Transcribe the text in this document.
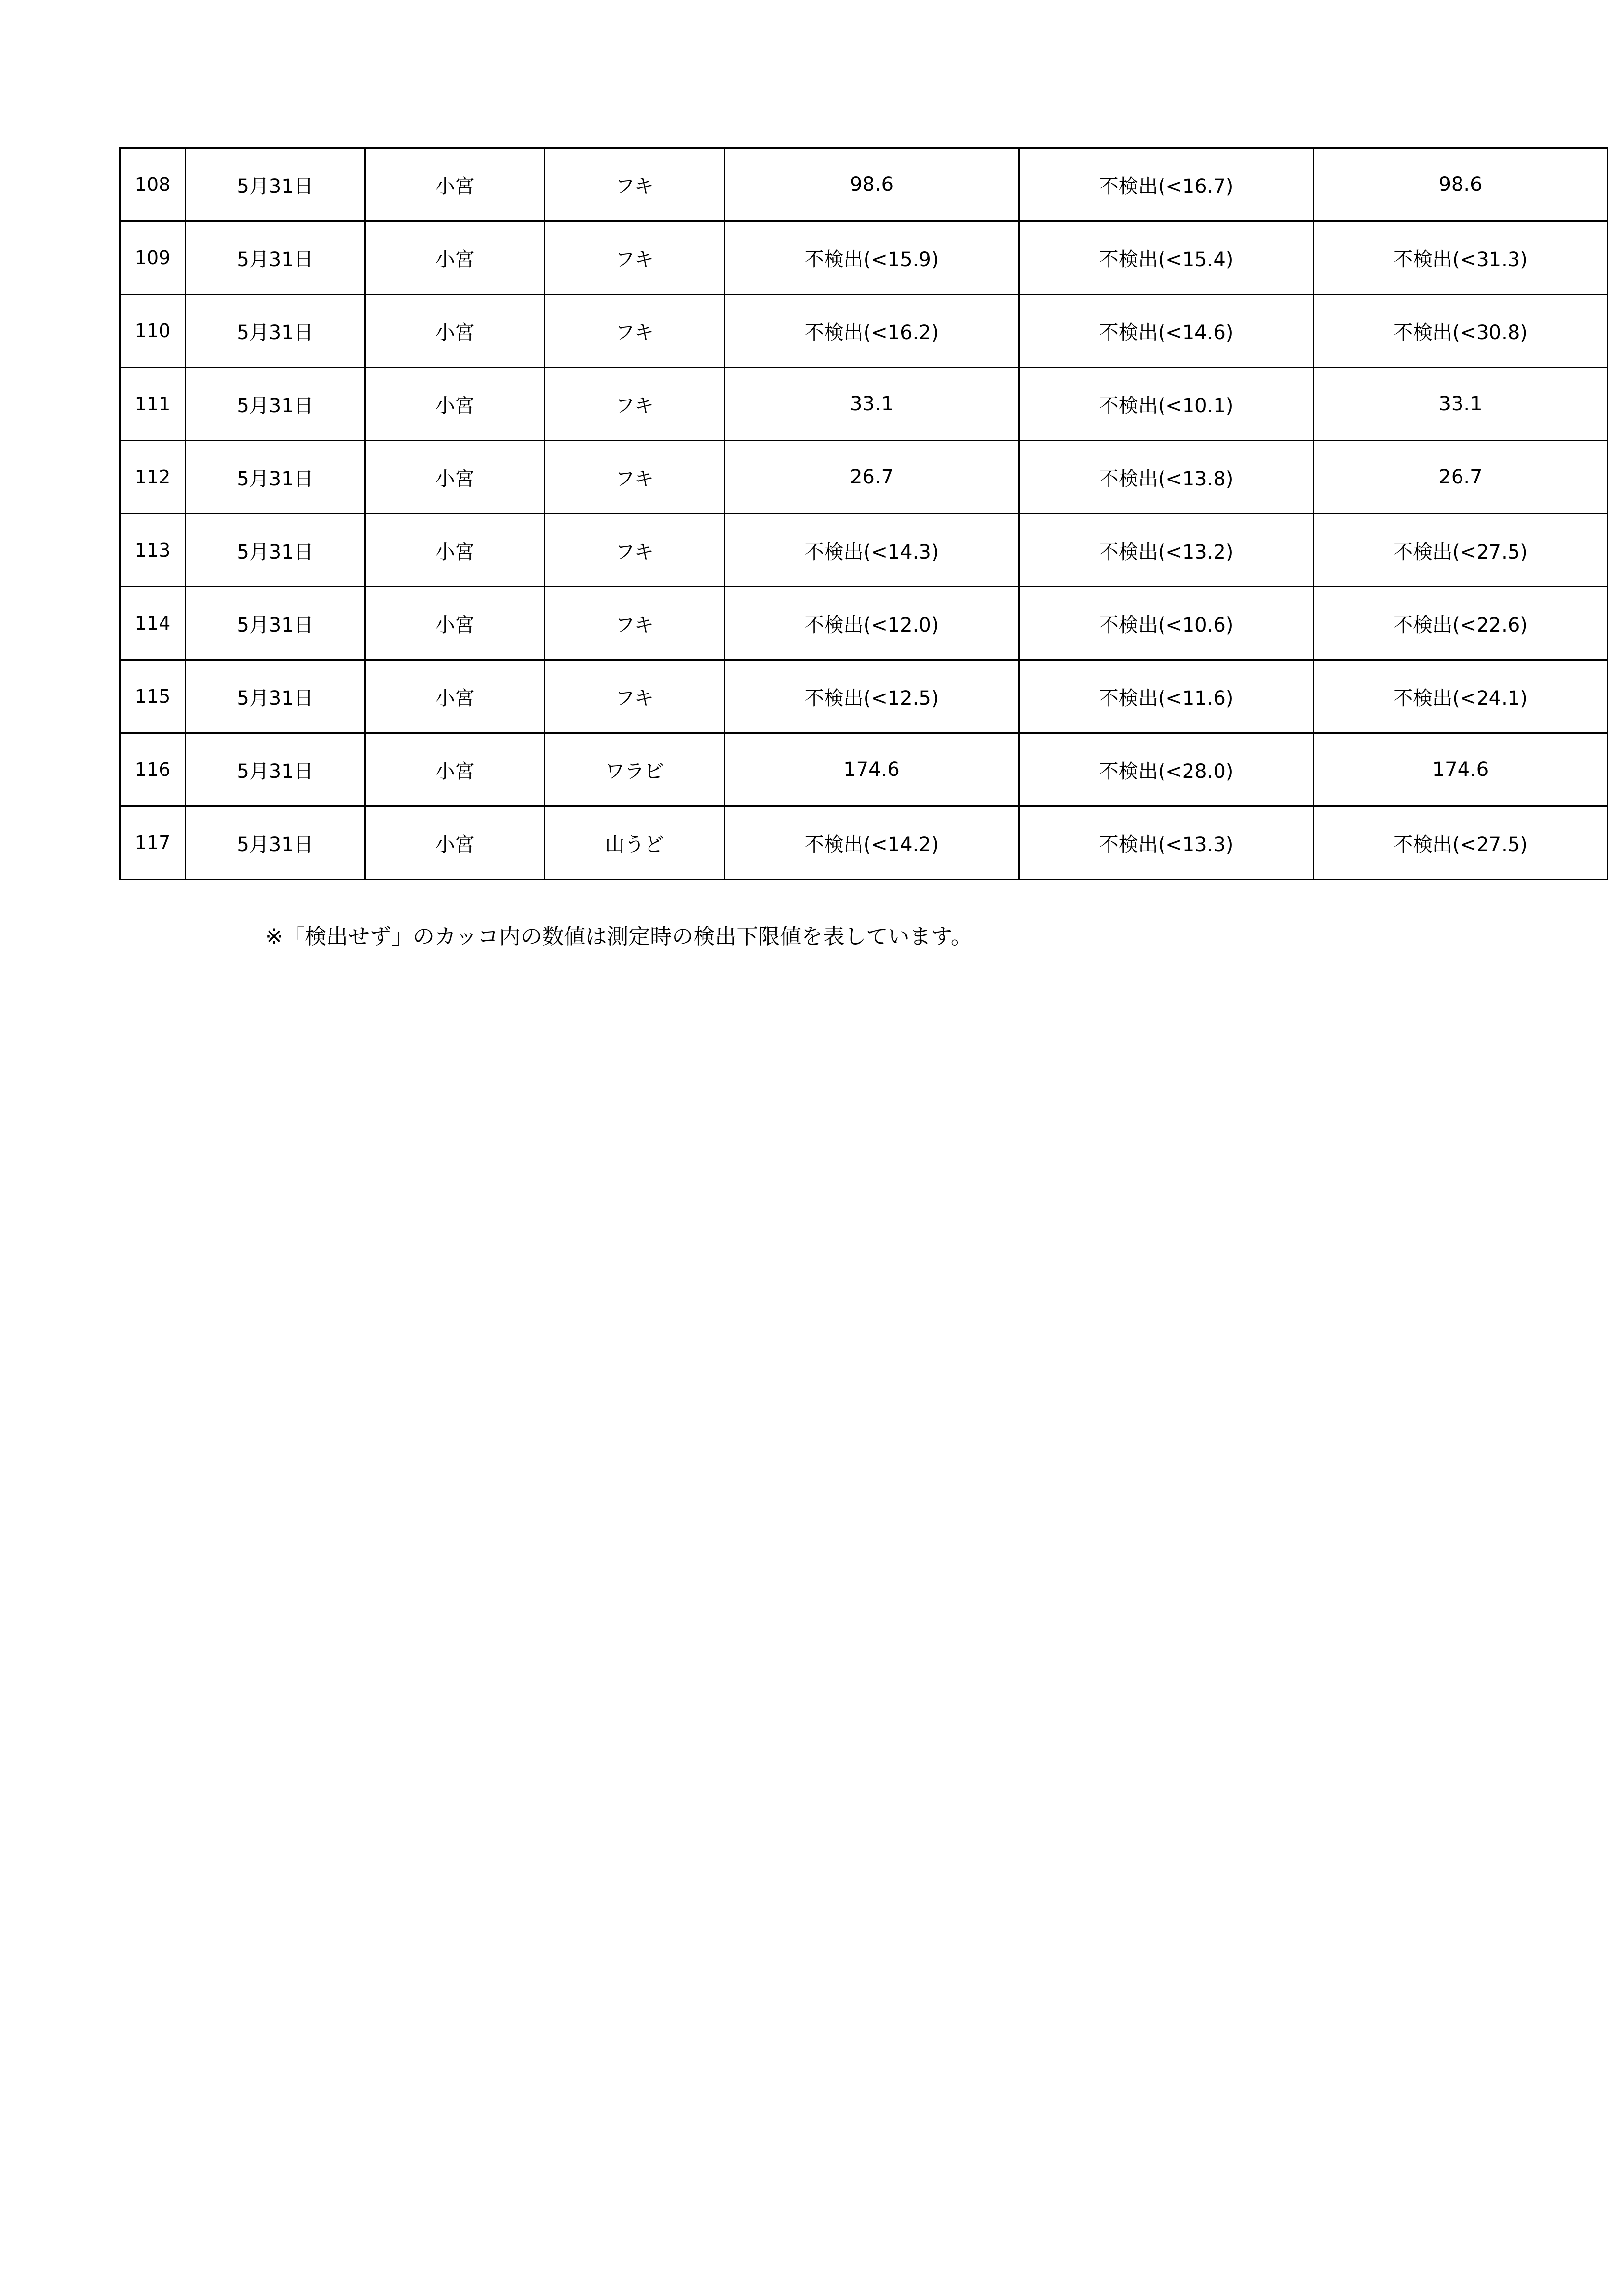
108	5月31日	小宮	フキ	98.6	不検出(<16.7)	98.6
109	5月31日	小宮	フキ	不検出(<15.9)	不検出(<15.4)	不検出(<31.3)
110	5月31日	小宮	フキ	不検出(<16.2)	不検出(<14.6)	不検出(<30.8)
111	5月31日	小宮	フキ	33.1	不検出(<10.1)	33.1
112	5月31日	小宮	フキ	26.7	不検出(<13.8)	26.7
113	5月31日	小宮	フキ	不検出(<14.3)	不検出(<13.2)	不検出(<27.5)
114	5月31日	小宮	フキ	不検出(<12.0)	不検出(<10.6)	不検出(<22.6)
115	5月31日	小宮	フキ	不検出(<12.5)	不検出(<11.6)	不検出(<24.1)
116	5月31日	小宮	ワラビ	174.6	不検出(<28.0)	174.6
117	5月31日	小宮	山うど	不検出(<14.2)	不検出(<13.3)	不検出(<27.5)
※「検出せず」のカッコ内の数値は測定時の検出下限値を表しています。
